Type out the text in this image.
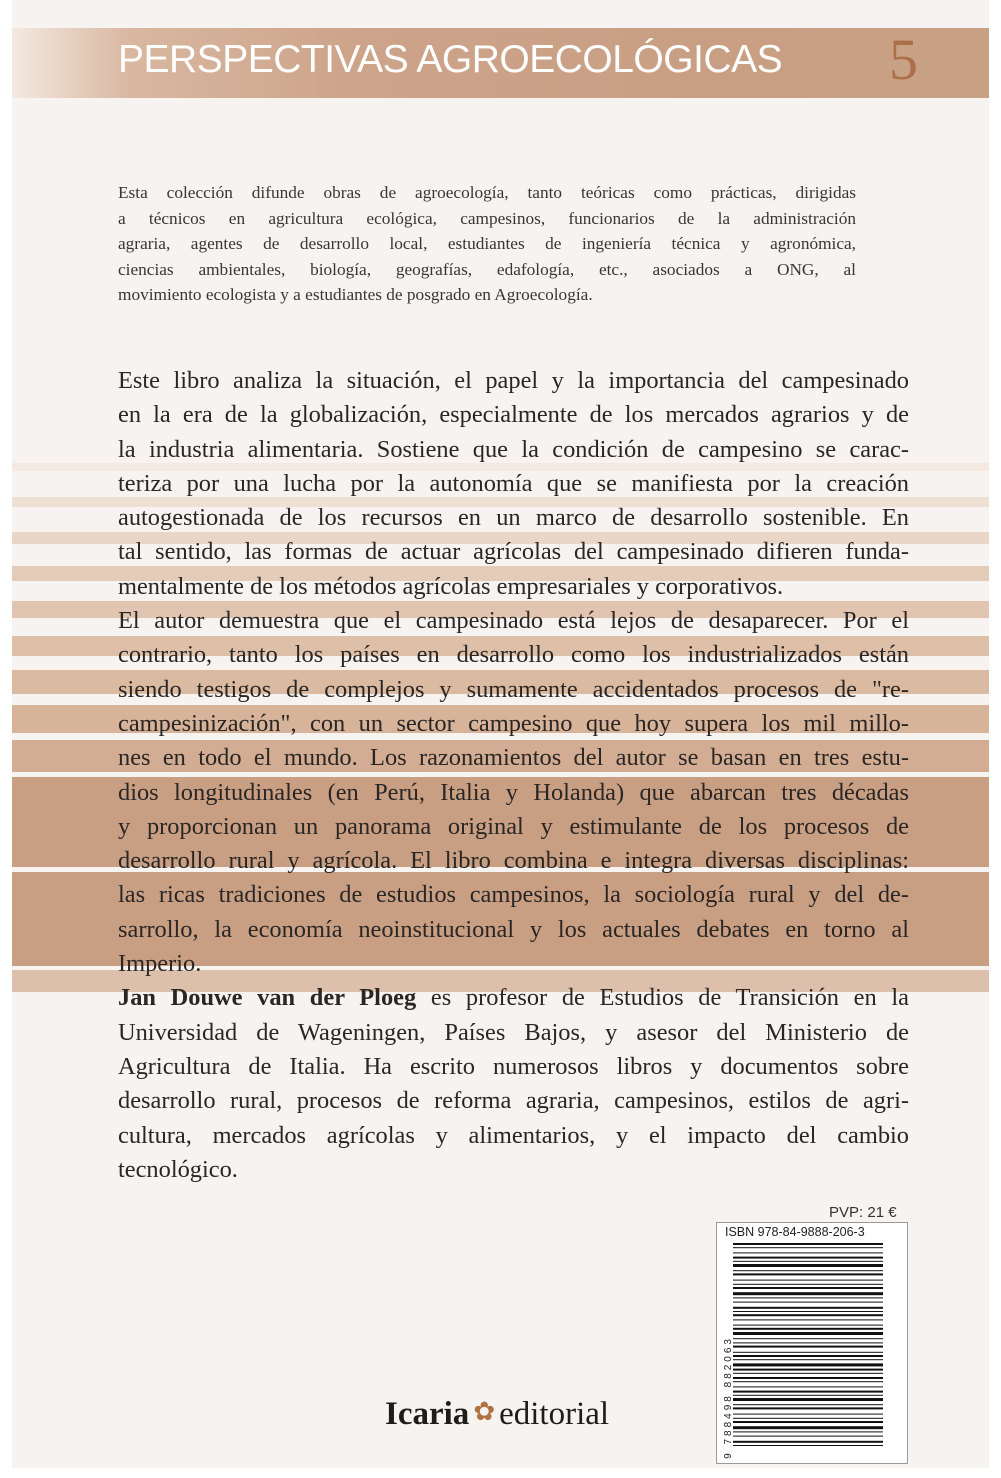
PERSPECTIVAS AGROECOLÓGICAS 5
Esta colección difunde obras de agroecología, tanto teóricas como prácticas, dirigidas
a técnicos en agricultura ecológica, campesinos, funcionarios de la administración
agraria, agentes de desarrollo local, estudiantes de ingeniería técnica y agronómica,
ciencias ambientales, biología, geografías, edafología, etc., asociados a ONG, al
movimiento ecologista y a estudiantes de posgrado en Agroecología.
Este libro analiza la situación, el papel y la importancia del campesinado
en la era de la globalización, especialmente de los mercados agrarios y de
la industria alimentaria. Sostiene que la condición de campesino se carac-
teriza por una lucha por la autonomía que se manifiesta por la creación
autogestionada de los recursos en un marco de desarrollo sostenible. En
tal sentido, las formas de actuar agrícolas del campesinado difieren funda-
mentalmente de los métodos agrícolas empresariales y corporativos.
El autor demuestra que el campesinado está lejos de desaparecer. Por el
contrario, tanto los países en desarrollo como los industrializados están
siendo testigos de complejos y sumamente accidentados procesos de "re-
campesinización", con un sector campesino que hoy supera los mil millo-
nes en todo el mundo. Los razonamientos del autor se basan en tres estu-
dios longitudinales (en Perú, Italia y Holanda) que abarcan tres décadas
y proporcionan un panorama original y estimulante de los procesos de
desarrollo rural y agrícola. El libro combina e integra diversas disciplinas:
las ricas tradiciones de estudios campesinos, la sociología rural y del de-
sarrollo, la economía neoinstitucional y los actuales debates en torno al
Imperio.
Jan Douwe van der Ploeg es profesor de Estudios de Transición en la
Universidad de Wageningen, Países Bajos, y asesor del Ministerio de
Agricultura de Italia. Ha escrito numerosos libros y documentos sobre
desarrollo rural, procesos de reforma agraria, campesinos, estilos de agri-
cultura, mercados agrícolas y alimentarios, y el impacto del cambio
tecnológico.
PVP: 21 €
ISBN 978-84-9888-206-3
9 788498 882063
Icaria ✿ editorial
